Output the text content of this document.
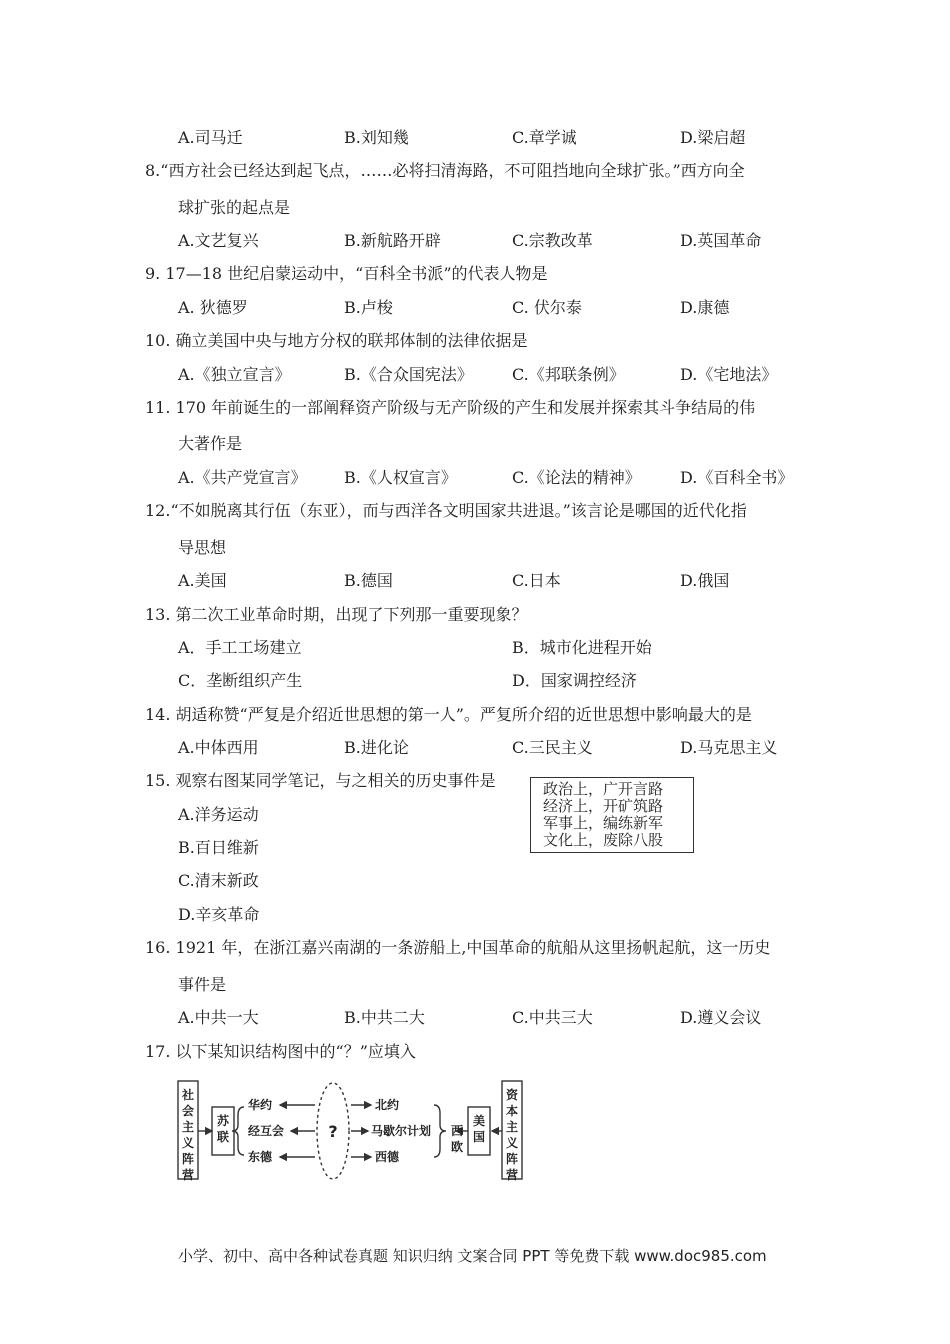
A.司马迁	B.刘知幾	C.章学诚	D.梁启超
8.“西方社会已经达到起飞点，……必将扫清海路，不可阻挡地向全球扩张。”西方向全
球扩张的起点是
A.文艺复兴	B.新航路开辟	C.宗教改革	D.英国革命
9. 17—18 世纪启蒙运动中，“百科全书派”的代表人物是
A. 狄德罗	B.卢梭	C. 伏尔泰	D.康德
10. 确立美国中央与地方分权的联邦体制的法律依据是
A.《独立宣言》	B.《合众国宪法》 C.《邦联条例》	D.《宅地法》
11. 170 年前诞生的一部阐释资产阶级与无产阶级的产生和发展并探索其斗争结局的伟
大著作是
A.《共产党宣言》 B.《人权宣言》	C.《论法的精神》 D.《百科全书》
12.“不如脱离其行伍（东亚），而与西洋各文明国家共进退。”该言论是哪国的近代化指
导思想
A.美国	B.德国	C.日本	D.俄国
13. 第二次工业革命时期，出现了下列那一重要现象？
A．手工工场建立	B．城市化进程开始
C．垄断组织产生	D．国家调控经济
14. 胡适称赞“严复是介绍近世思想的第一人”。严复所介绍的近世思想中影响最大的是
A.中体西用	B.进化论	C.三民主义	D.马克思主义
15. 观察右图某同学笔记，与之相关的历史事件是
A.洋务运动
B.百日维新
C.清末新政
D.辛亥革命
政治上，广开言路
经济上，开矿筑路
军事上，编练新军
文化上，废除八股
16. 1921 年，在浙江嘉兴南湖的一条游船上,中国革命的航船从这里扬帆起航，这一历史
事件是
A.中共一大	B.中共二大	C.中共三大	D.遵义会议
17. 以下某知识结构图中的“？”应填入
社会主义阵营
苏联
华约
经互会
东德
?
北约
马歇尔计划
西德
西欧
美国
资本主义阵营
小学、初中、高中各种试卷真题 知识归纳 文案合同 PPT 等免费下载 www.doc985.com
